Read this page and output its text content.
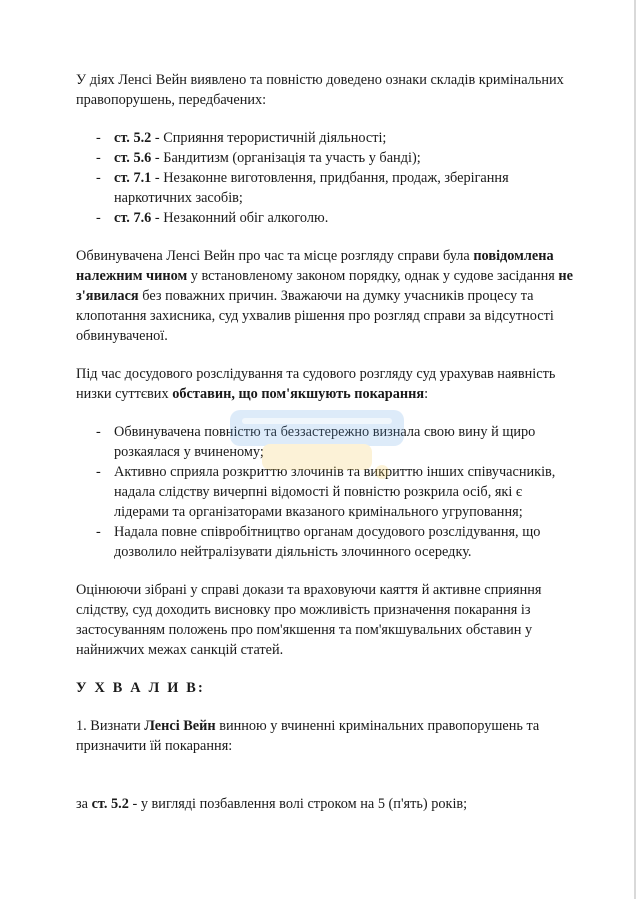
У діях Ленсі Вейн виявлено та повністю доведено ознаки складів кримінальних правопорушень, передбачених:

- ст. 5.2 - Сприяння терористичній діяльності;
- ст. 5.6 - Бандитизм (організація та участь у банді);
- ст. 7.1 - Незаконне виготовлення, придбання, продаж, зберігання наркотичних засобів;
- ст. 7.6 - Незаконний обіг алкоголю.

Обвинувачена Ленсі Вейн про час та місце розгляду справи була повідомлена належним чином у встановленому законом порядку, однак у судове засідання не з'явилася без поважних причин. Зважаючи на думку учасників процесу та клопотання захисника, суд ухвалив рішення про розгляд справи за відсутності обвинуваченої.

Під час досудового розслідування та судового розгляду суд урахував наявність низки суттєвих обставин, що пом'якшують покарання:

- Обвинувачена повністю та беззастережно визнала свою вину й щиро розкаялася у вчиненому;
- Активно сприяла розкриттю злочинів та викриттю інших співучасників, надала слідству вичерпні відомості й повністю розкрила осіб, які є лідерами та організаторами вказаного кримінального угруповання;
- Надала повне співробітництво органам досудового розслідування, що дозволило нейтралізувати діяльність злочинного осередку.

Оцінюючи зібрані у справі докази та враховуючи каяття й активне сприяння слідству, суд доходить висновку про можливість призначення покарання із застосуванням положень про пом'якшення та пом'якшувальних обставин у найнижчих межах санкцій статей.

У Х В А Л И В:

1. Визнати Ленсі Вейн винною у вчиненні кримінальних правопорушень та призначити їй покарання:

за ст. 5.2 - у вигляді позбавлення волі строком на 5 (п'ять) років;
